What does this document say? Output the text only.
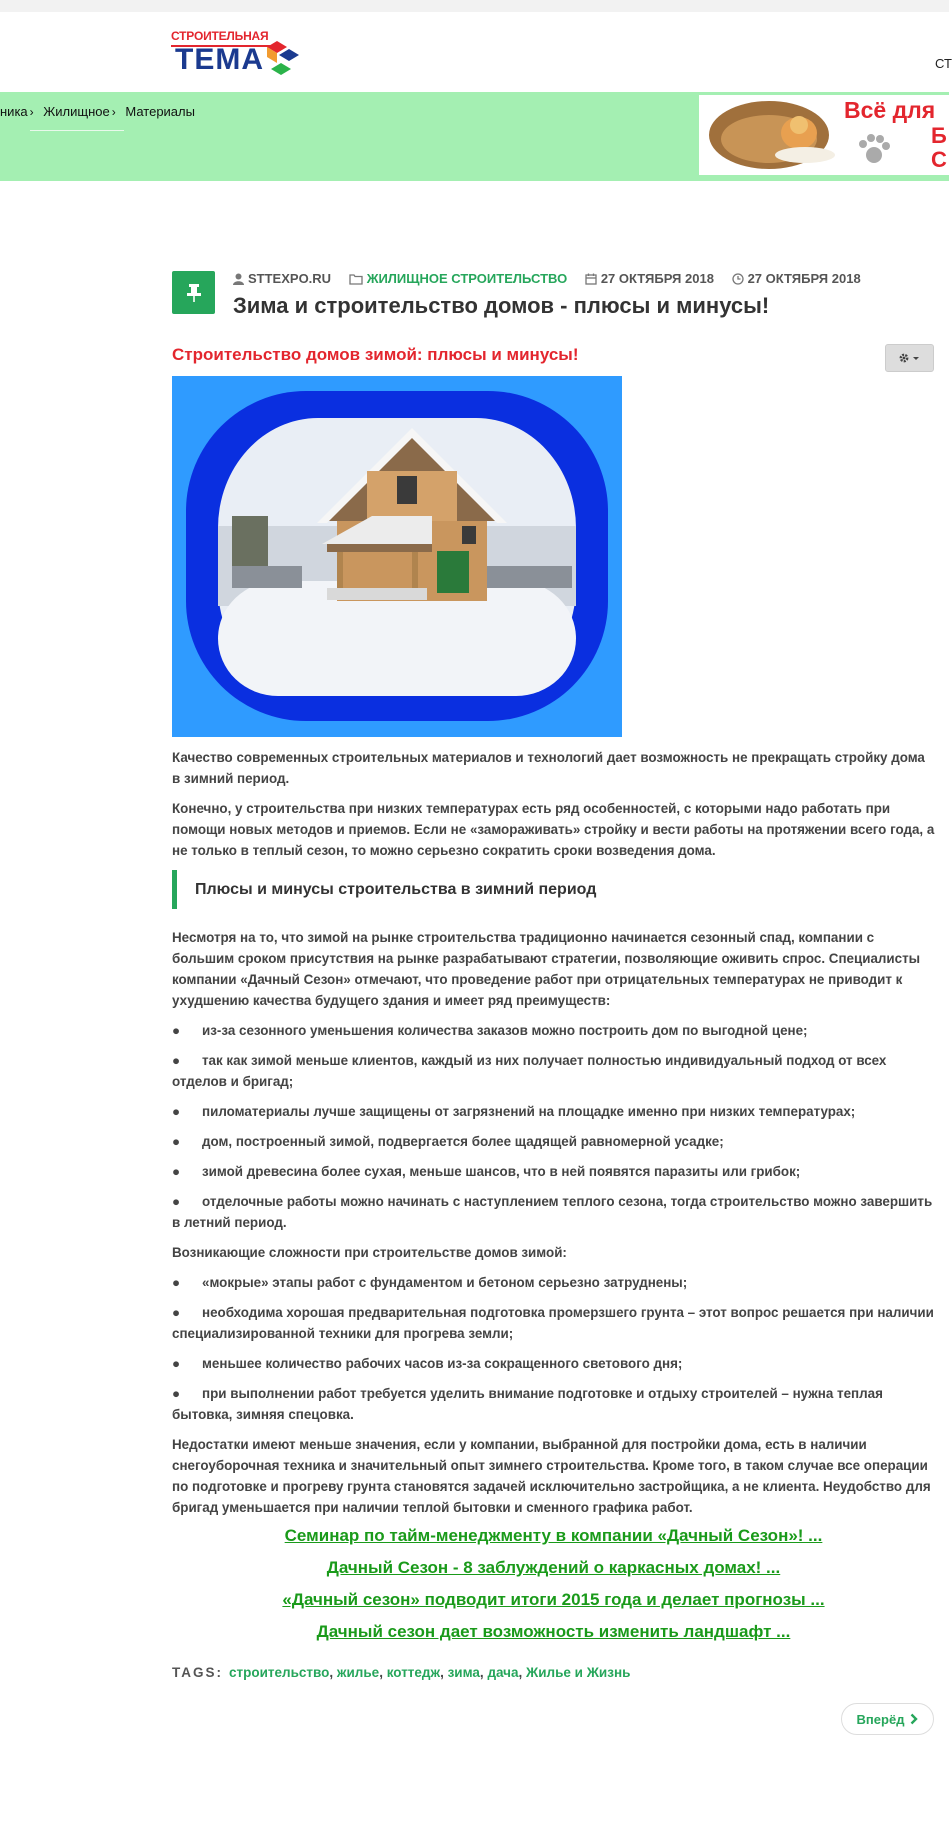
СТРОИТЕЛЬНАЯ
ТЕМА	СТ
ника › Жилищное › Материалы	Всё для
Б
С
STTEXPO.RU	ЖИЛИЩНОЕ СТРОИТЕЛЬСТВО	27 ОКТЯБРЯ 2018	27 ОКТЯБРЯ 2018
Зима и строительство домов - плюсы и минусы!
Строительство домов зимой: плюсы и минусы!
Качество современных строительных материалов и технологий дает возможность не прекращать стройку дома в зимний период.
Конечно, у строительства при низких температурах есть ряд особенностей, с которыми надо работать при помощи новых методов и приемов. Если не «замораживать» стройку и вести работы на протяжении всего года, а не только в теплый сезон, то можно серьезно сократить сроки возведения дома.
Плюсы и минусы строительства в зимний период
Несмотря на то, что зимой на рынке строительства традиционно начинается сезонный спад, компании с большим сроком присутствия на рынке разрабатывают стратегии, позволяющие оживить спрос. Специалисты компании «Дачный Сезон» отмечают, что проведение работ при отрицательных температурах не приводит к ухудшению качества будущего здания и имеет ряд преимуществ:
● из-за сезонного уменьшения количества заказов можно построить дом по выгодной цене;
● так как зимой меньше клиентов, каждый из них получает полностью индивидуальный подход от всех отделов и бригад;
● пиломатериалы лучше защищены от загрязнений на площадке именно при низких температурах;
● дом, построенный зимой, подвергается более щадящей равномерной усадке;
● зимой древесина более сухая, меньше шансов, что в ней появятся паразиты или грибок;
● отделочные работы можно начинать с наступлением теплого сезона, тогда строительство можно завершить в летний период.
Возникающие сложности при строительстве домов зимой:
● «мокрые» этапы работ с фундаментом и бетоном серьезно затруднены;
● необходима хорошая предварительная подготовка промерзшего грунта – этот вопрос решается при наличии специализированной техники для прогрева земли;
● меньшее количество рабочих часов из-за сокращенного светового дня;
● при выполнении работ требуется уделить внимание подготовке и отдыху строителей – нужна теплая бытовка, зимняя спецовка.
Недостатки имеют меньше значения, если у компании, выбранной для постройки дома, есть в наличии снегоуборочная техника и значительный опыт зимнего строительства. Кроме того, в таком случае все операции по подготовке и прогреву грунта становятся задачей исключительно застройщика, а не клиента. Неудобство для бригад уменьшается при наличии теплой бытовки и сменного графика работ.
Семинар по тайм-менеджменту в компании «Дачный Сезон»! ...
Дачный Сезон - 8 заблуждений о каркасных домах! ...
«Дачный сезон» подводит итоги 2015 года и делает прогнозы ...
Дачный сезон дает возможность изменить ландшафт ...
TAGS: строительство, жилье, коттедж, зима, дача, Жилье и Жизнь
Вперёд
